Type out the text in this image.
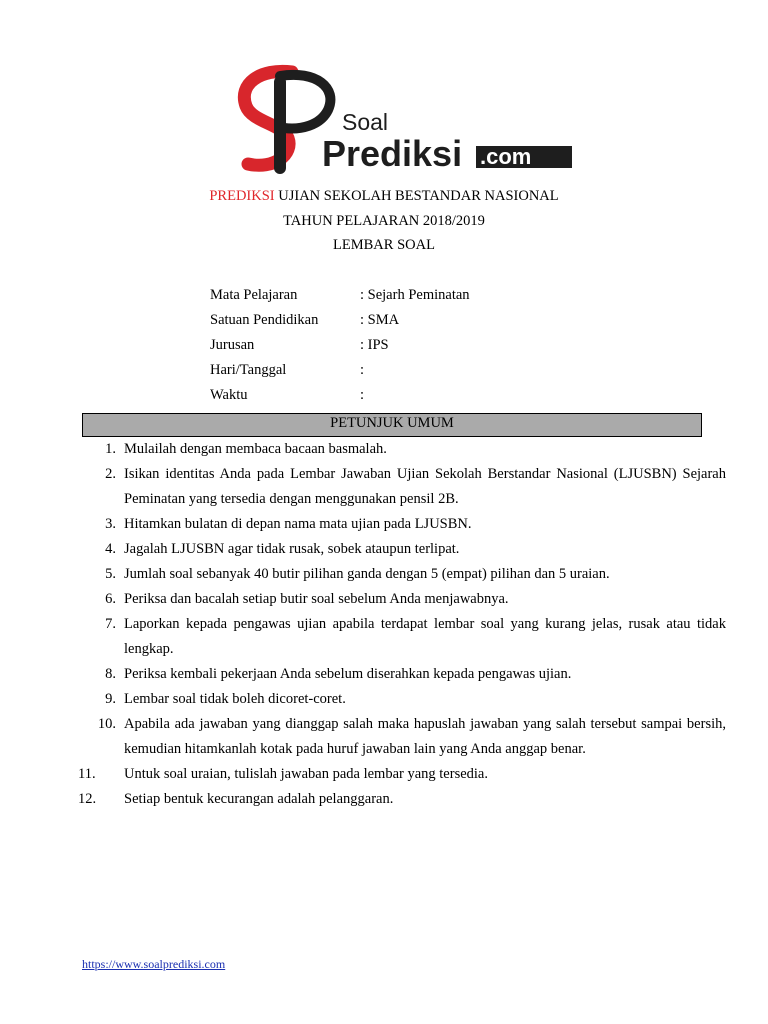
Soal
Prediksi .com
PREDIKSI UJIAN SEKOLAH BESTANDAR NASIONAL
TAHUN PELAJARAN 2018/2019
LEMBAR SOAL
Mata Pelajaran	: Sejarh Peminatan
Satuan Pendidikan	: SMA
Jurusan	: IPS
Hari/Tanggal	:
Waktu	:
PETUNJUK UMUM
1. Mulailah dengan membaca bacaan basmalah.
2. Isikan identitas Anda pada Lembar Jawaban Ujian Sekolah Berstandar Nasional (LJUSBN) Sejarah Peminatan yang tersedia dengan menggunakan pensil 2B.
3. Hitamkan bulatan di depan nama mata ujian pada LJUSBN.
4. Jagalah LJUSBN agar tidak rusak, sobek ataupun terlipat.
5. Jumlah soal sebanyak 40 butir pilihan ganda dengan 5 (empat) pilihan dan 5 uraian.
6. Periksa dan bacalah setiap butir soal sebelum Anda menjawabnya.
7. Laporkan kepada pengawas ujian apabila terdapat lembar soal yang kurang jelas, rusak atau tidak lengkap.
8. Periksa kembali pekerjaan Anda sebelum diserahkan kepada pengawas ujian.
9. Lembar soal tidak boleh dicoret-coret.
10. Apabila ada jawaban yang dianggap salah maka hapuslah jawaban yang salah tersebut sampai bersih, kemudian hitamkanlah kotak pada huruf jawaban lain yang Anda anggap benar.
11.	Untuk soal uraian, tulislah jawaban pada lembar yang tersedia.
12.	Setiap bentuk kecurangan adalah pelanggaran.
https://www.soalprediksi.com
